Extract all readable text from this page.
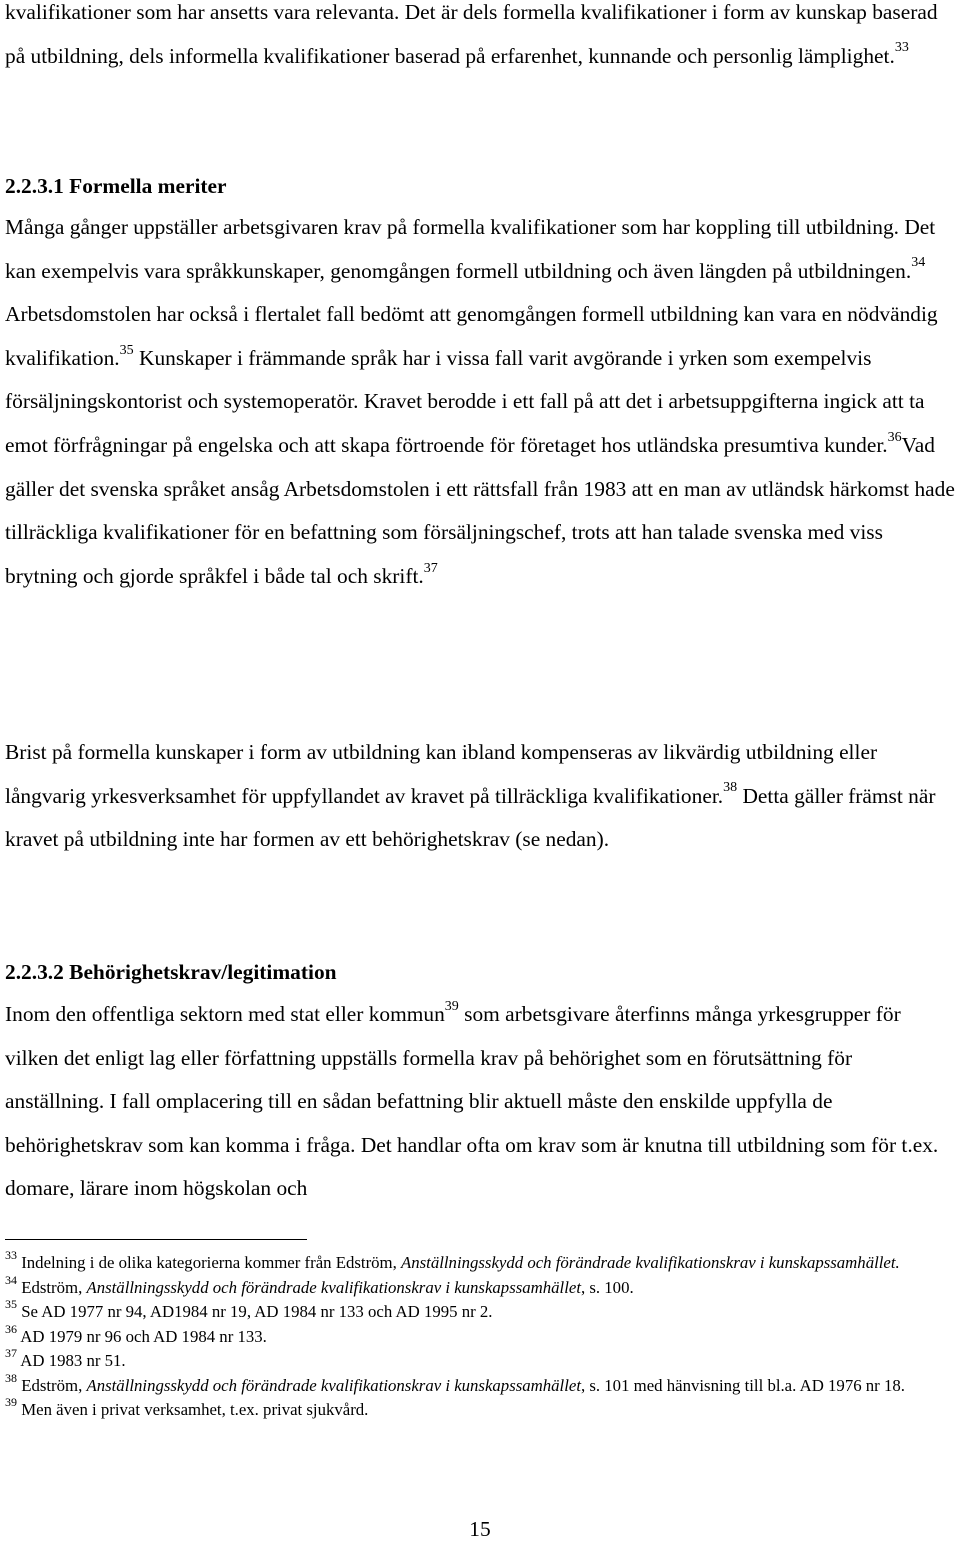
kvalifikationer som har ansetts vara relevanta. Det är dels formella kvalifikationer i form av kunskap baserad på utbildning, dels informella kvalifikationer baserad på erfarenhet, kunnande och personlig lämplighet.$^{33}$

2.2.3.1 Formella meriter

Många gånger uppställer arbetsgivaren krav på formella kvalifikationer som har koppling till utbildning. Det kan exempelvis vara språkkunskaper, genomgången formell utbildning och även längden på utbildningen.$^{34}$ Arbetsdomstolen har också i flertalet fall bedömt att genomgången formell utbildning kan vara en nödvändig kvalifikation.$^{35}$ Kunskaper i främmande språk har i vissa fall varit avgörande i yrken som exempelvis försäljningskontorist och systemoperatör. Kravet berodde i ett fall på att det i arbetsuppgifterna ingick att ta emot förfrågningar på engelska och att skapa förtroende för företaget hos utländska presumtiva kunder.$^{36}$Vad gäller det svenska språket ansåg Arbetsdomstolen i ett rättsfall från 1983 att en man av utländsk härkomst hade tillräckliga kvalifikationer för en befattning som försäljningschef, trots att han talade svenska med viss brytning och gjorde språkfel i både tal och skrift.$^{37}$

Brist på formella kunskaper i form av utbildning kan ibland kompenseras av likvärdig utbildning eller långvarig yrkesverksamhet för uppfyllandet av kravet på tillräckliga kvalifikationer.$^{38}$ Detta gäller främst när kravet på utbildning inte har formen av ett behörighetskrav (se nedan).

2.2.3.2 Behörighetskrav/legitimation

Inom den offentliga sektorn med stat eller kommun$^{39}$ som arbetsgivare återfinns många yrkesgrupper för vilken det enligt lag eller författning uppställs formella krav på behörighet som en förutsättning för anställning. I fall omplacering till en sådan befattning blir aktuell måste den enskilde uppfylla de behörighetskrav som kan komma i fråga. Det handlar ofta om krav som är knutna till utbildning som för t.ex. domare, lärare inom högskolan och

$^{33}$ Indelning i de olika kategorierna kommer från Edström, Anställningsskydd och förändrade kvalifikationskrav i kunskapssamhället.

$^{34}$ Edström, Anställningsskydd och förändrade kvalifikationskrav i kunskapssamhället, s. 100.

$^{35}$ Se AD 1977 nr 94, AD1984 nr 19, AD 1984 nr 133 och AD 1995 nr 2.

$^{36}$ AD 1979 nr 96 och AD 1984 nr 133.

$^{37}$ AD 1983 nr 51.

$^{38}$ Edström, Anställningsskydd och förändrade kvalifikationskrav i kunskapssamhället, s. 101 med hänvisning till bl.a. AD 1976 nr 18.

$^{39}$ Men även i privat verksamhet, t.ex. privat sjukvård.

15
